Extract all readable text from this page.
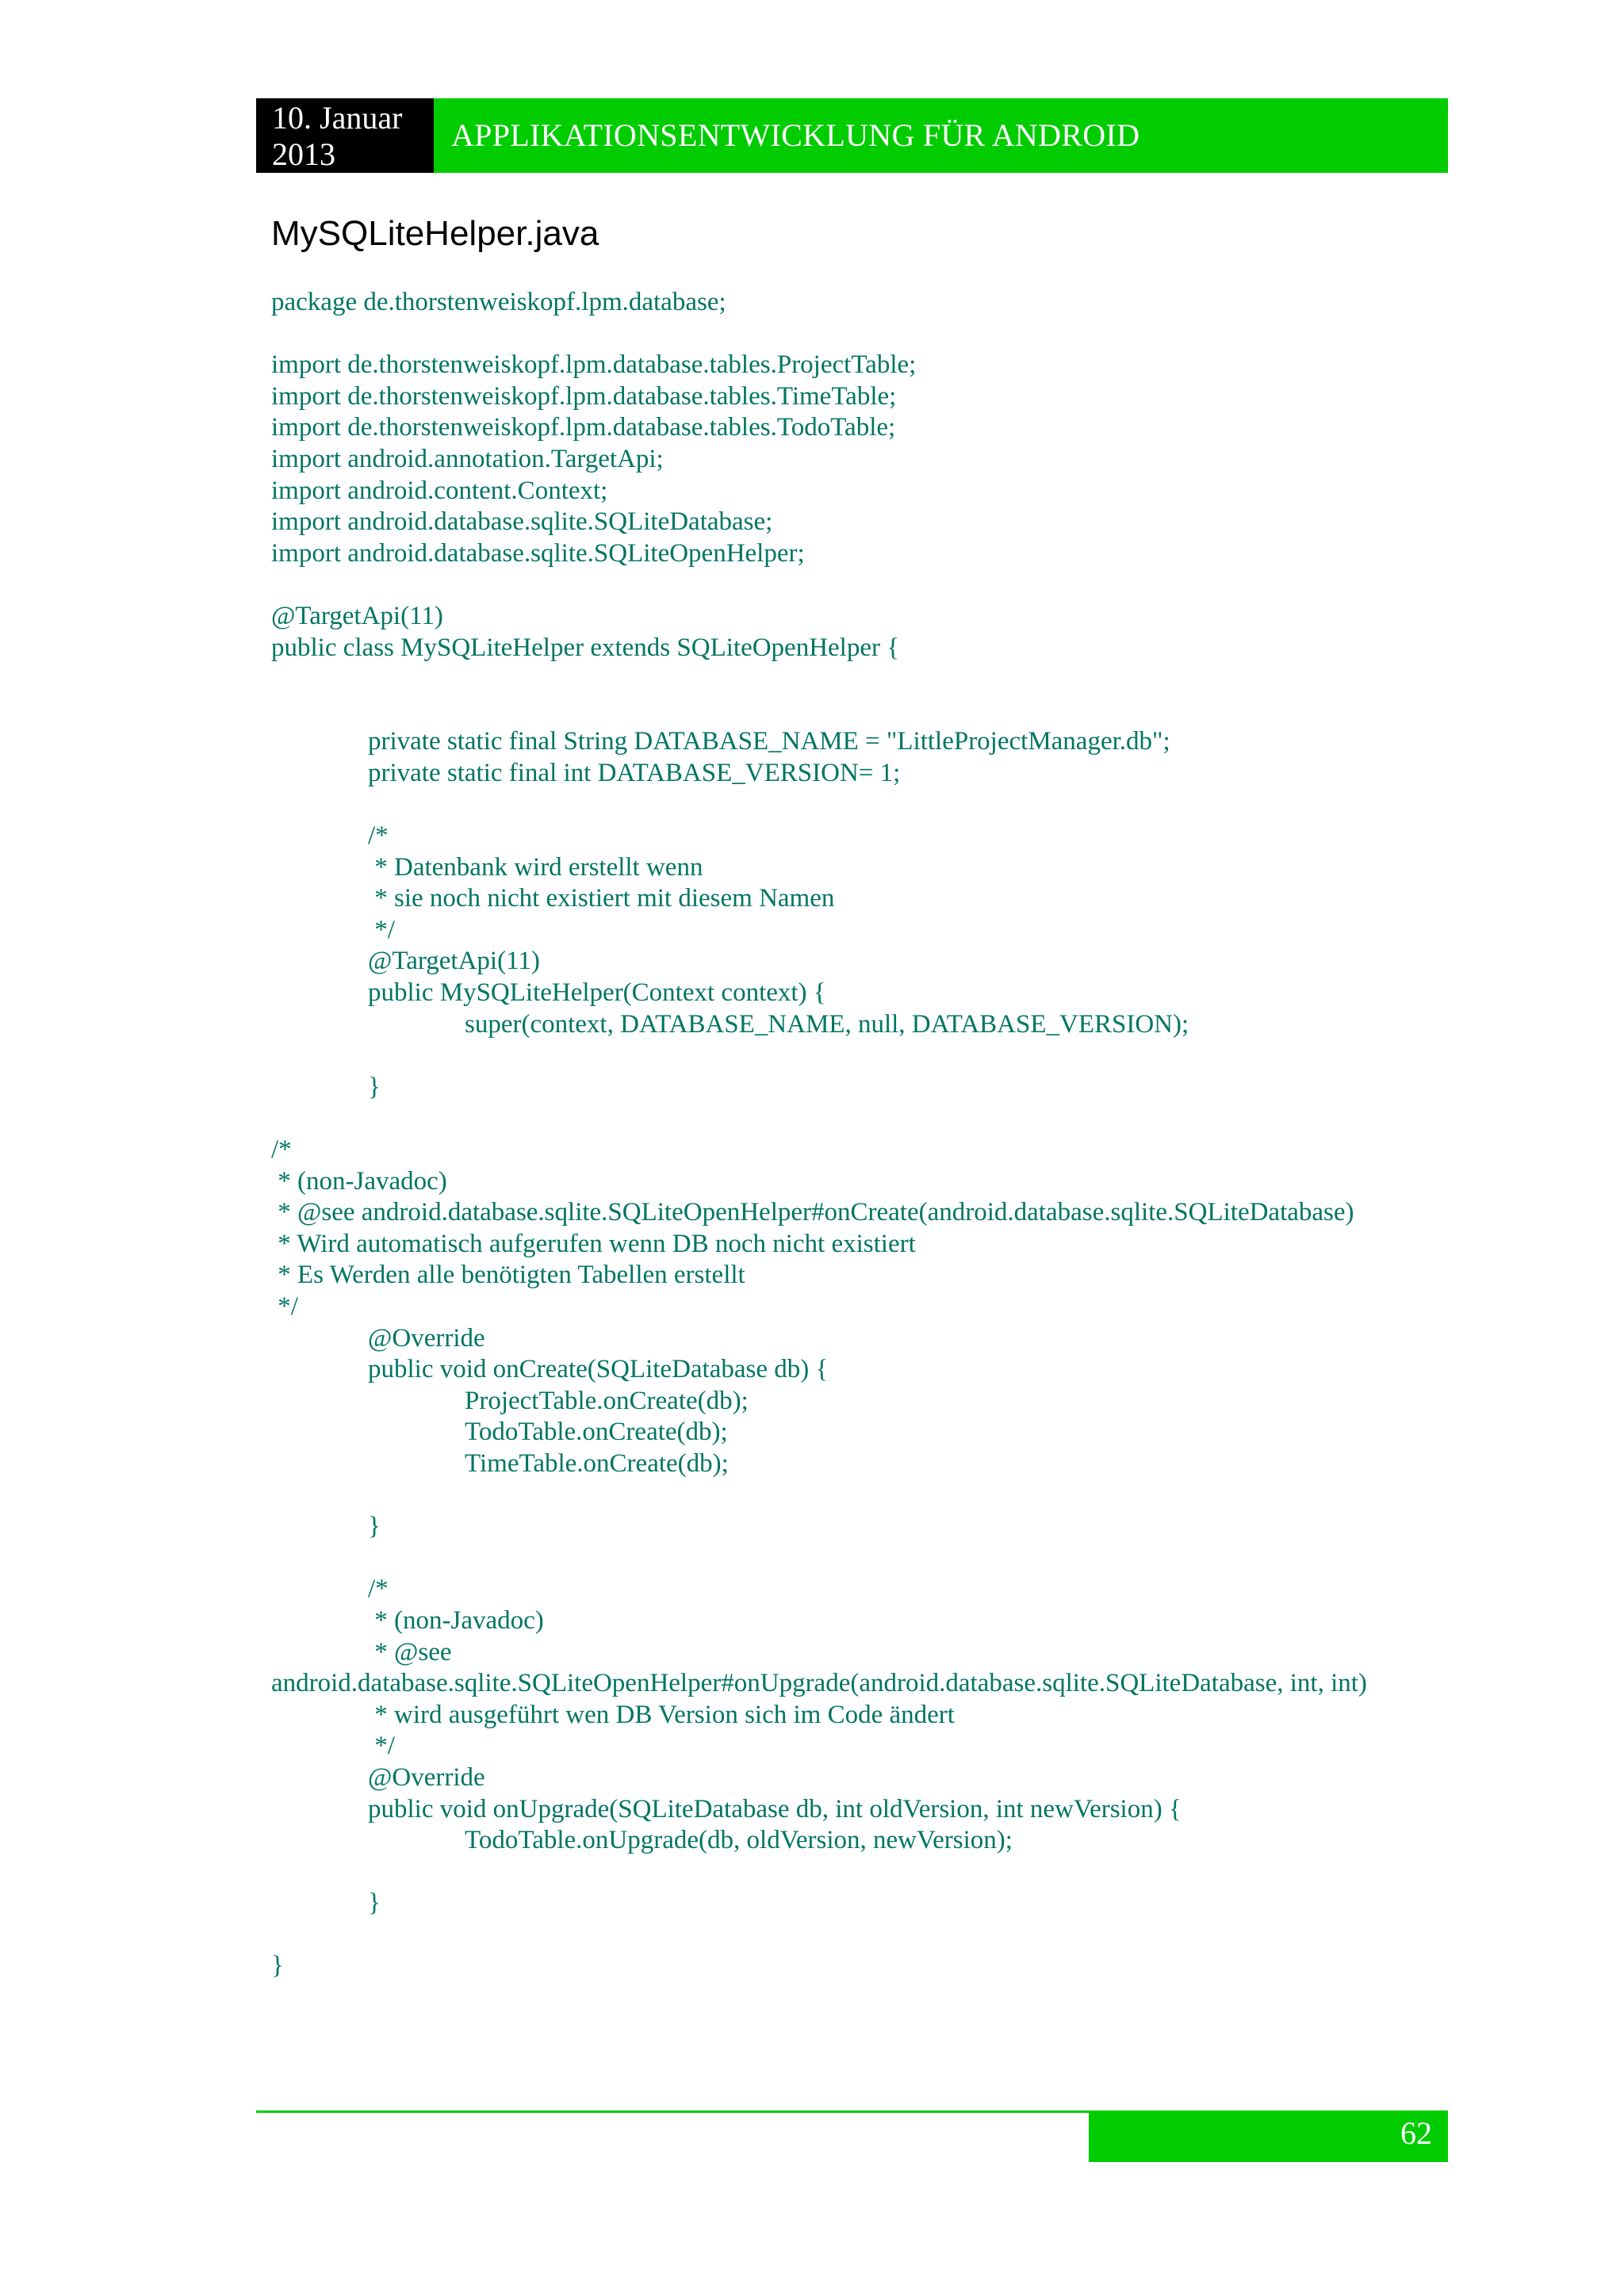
10. Januar
2013
APPLIKATIONSENTWICKLUNG FÜR ANDROID
MySQLiteHelper.java
package de.thorstenweiskopf.lpm.database;
import de.thorstenweiskopf.lpm.database.tables.ProjectTable;
import de.thorstenweiskopf.lpm.database.tables.TimeTable;
import de.thorstenweiskopf.lpm.database.tables.TodoTable;
import android.annotation.TargetApi;
import android.content.Context;
import android.database.sqlite.SQLiteDatabase;
import android.database.sqlite.SQLiteOpenHelper;
@TargetApi(11)
public class MySQLiteHelper extends SQLiteOpenHelper {
private static final String DATABASE_NAME = "LittleProjectManager.db";
private static final int DATABASE_VERSION= 1;
/*
* Datenbank wird erstellt wenn
* sie noch nicht existiert mit diesem Namen
*/
@TargetApi(11)
public MySQLiteHelper(Context context) {
super(context, DATABASE_NAME, null, DATABASE_VERSION);
}
/*
* (non-Javadoc)
* @see android.database.sqlite.SQLiteOpenHelper#onCreate(android.database.sqlite.SQLiteDatabase)
* Wird automatisch aufgerufen wenn DB noch nicht existiert
* Es Werden alle benötigten Tabellen erstellt
*/
@Override
public void onCreate(SQLiteDatabase db) {
ProjectTable.onCreate(db);
TodoTable.onCreate(db);
TimeTable.onCreate(db);
}
/*
* (non-Javadoc)
* @see
android.database.sqlite.SQLiteOpenHelper#onUpgrade(android.database.sqlite.SQLiteDatabase, int, int)
* wird ausgeführt wen DB Version sich im Code ändert
*/
@Override
public void onUpgrade(SQLiteDatabase db, int oldVersion, int newVersion) {
TodoTable.onUpgrade(db, oldVersion, newVersion);
}
}
62
